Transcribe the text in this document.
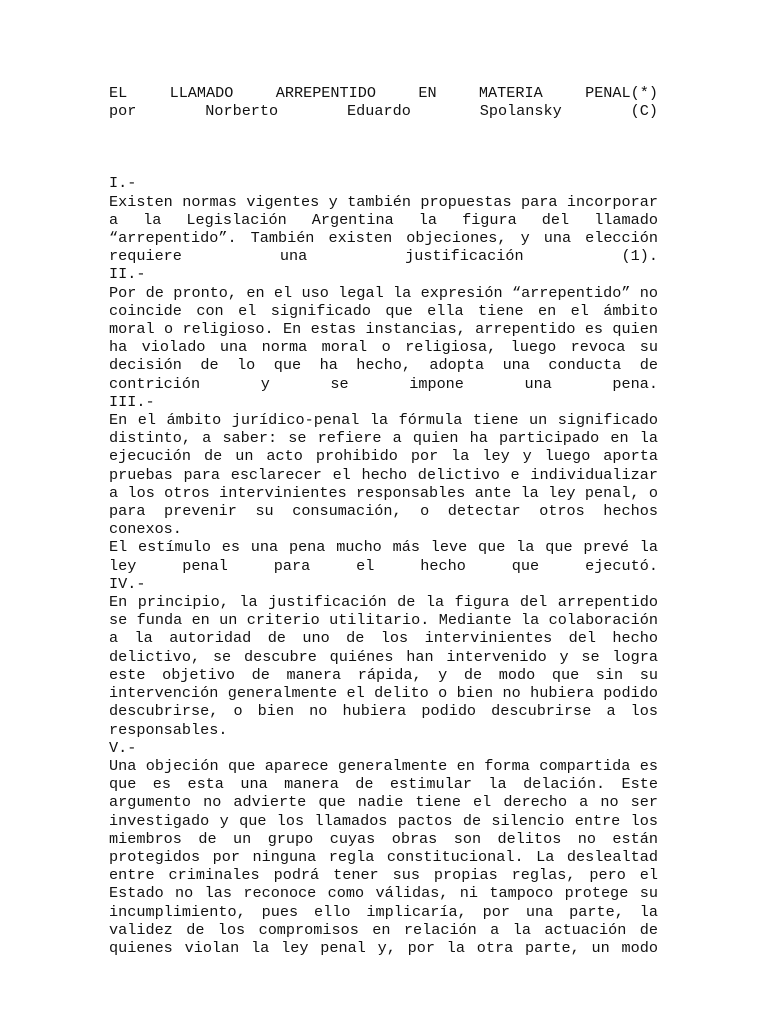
EL LLAMADO ARREPENTIDO EN MATERIA PENAL(*)
por Norberto Eduardo Spolansky (C)
I.-
Existen normas vigentes y también propuestas para incorporar a la Legislación Argentina la figura del llamado “arrepentido”. También existen objeciones, y una elección requiere una justificación (1).
II.-
Por de pronto, en el uso legal la expresión “arrepentido” no coincide con el significado que ella tiene en el ámbito moral o religioso. En estas instancias, arrepentido es quien ha violado una norma moral o religiosa, luego revoca su decisión de lo que ha hecho, adopta una conducta de contrición y se impone una pena.
III.-
En el ámbito jurídico-penal la fórmula tiene un significado distinto, a saber: se refiere a quien ha participado en la ejecución de un acto prohibido por la ley y luego aporta pruebas para esclarecer el hecho delictivo e individualizar a los otros intervinientes responsables ante la ley penal, o para prevenir su consumación, o detectar otros hechos conexos.
El estímulo es una pena mucho más leve que la que prevé la ley penal para el hecho que ejecutó.
IV.-
En principio, la justificación de la figura del arrepentido se funda en un criterio utilitario. Mediante la colaboración a la autoridad de uno de los intervinientes del hecho delictivo, se descubre quiénes han intervenido y se logra este objetivo de manera rápida, y de modo que sin su intervención generalmente el delito o bien no hubiera podido descubrirse, o bien no hubiera podido descubrirse a los responsables.
V.-
Una objeción que aparece generalmente en forma compartida es que es esta una manera de estimular la delación. Este argumento no advierte que nadie tiene el derecho a no ser investigado y que los llamados pactos de silencio entre los miembros de un grupo cuyas obras son delitos no están protegidos por ninguna regla constitucional. La deslealtad entre criminales podrá tener sus propias reglas, pero el Estado no las reconoce como válidas, ni tampoco protege su incumplimiento, pues ello implicaría, por una parte, la validez de los compromisos en relación a la actuación de quienes violan la ley penal y, por la otra parte, un modo
